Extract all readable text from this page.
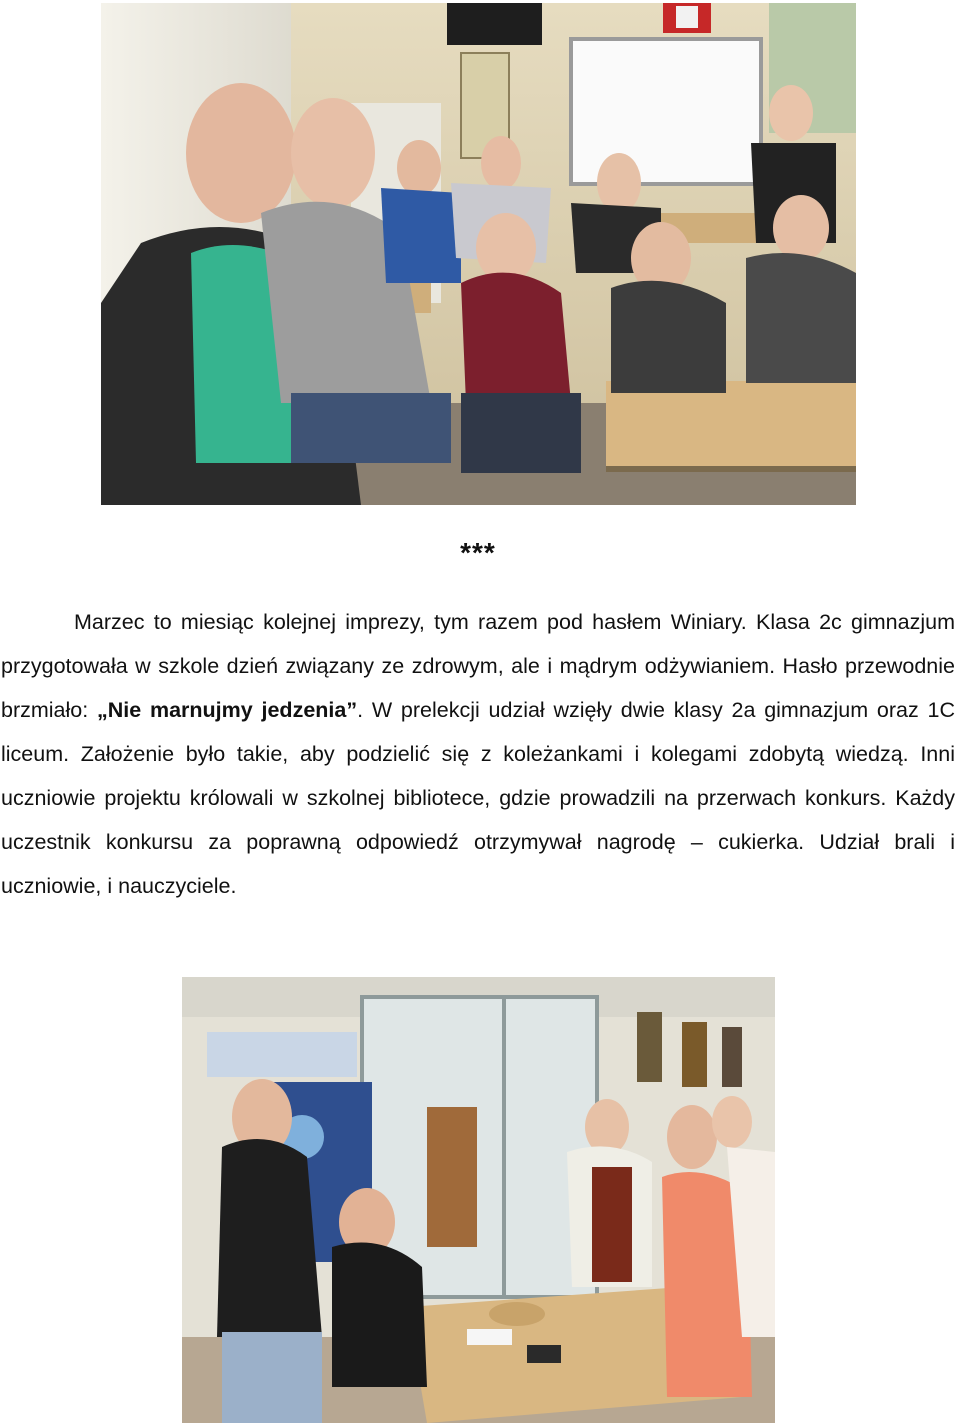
***

Marzec to miesiąc kolejnej imprezy, tym razem pod hasłem Winiary. Klasa 2c gimnazjum przygotowała w szkole dzień związany ze zdrowym, ale i mądrym odżywianiem. Hasło przewodnie brzmiało: „Nie marnujmy jedzenia”. W prelekcji udział wzięły dwie klasy 2a gimnazjum oraz 1C liceum. Założenie było takie, aby podzielić się z koleżankami i kolegami zdobytą wiedzą. Inni uczniowie projektu królowali w szkolnej bibliotece, gdzie prowadzili na przerwach konkurs. Każdy uczestnik konkursu za poprawną odpowiedź otrzymywał nagrodę – cukierka. Udział brali i uczniowie, i nauczyciele.
